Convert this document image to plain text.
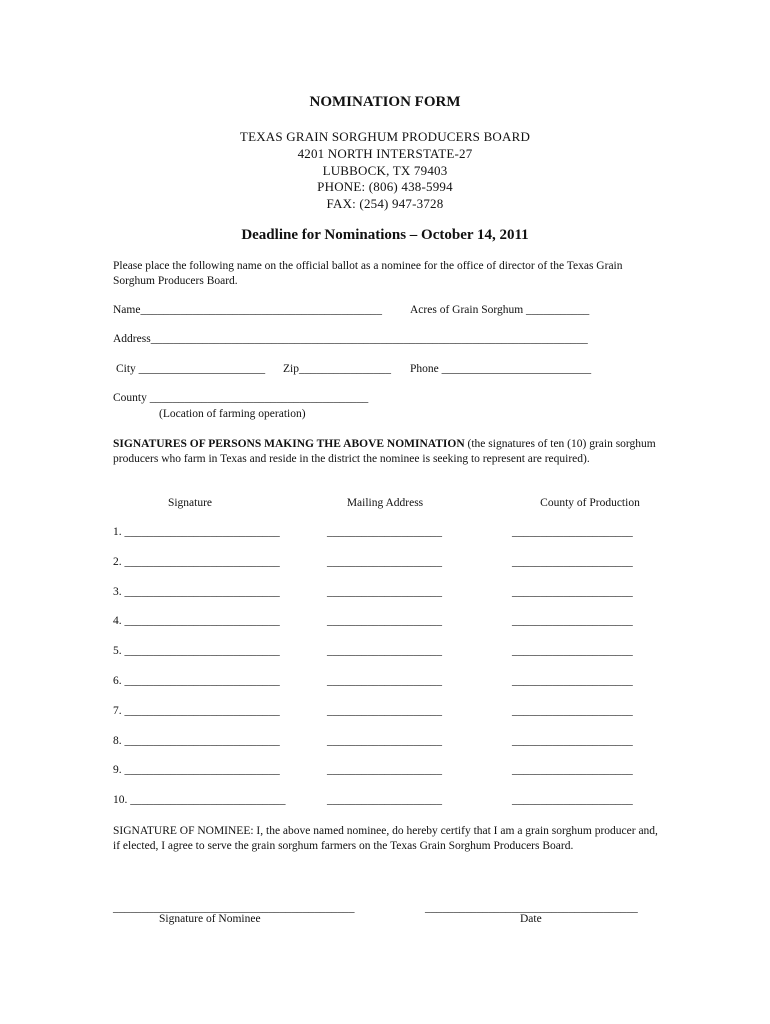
NOMINATION FORM
TEXAS GRAIN SORGHUM PRODUCERS BOARD
4201 NORTH INTERSTATE-27
LUBBOCK, TX 79403
PHONE: (806) 438-5994
FAX: (254) 947-3728
Deadline for Nominations – October 14, 2011
Please place the following name on the official ballot as a nominee for the office of director of the Texas Grain Sorghum Producers Board.
Name__________________________________________ Acres of Grain Sorghum ___________
Address____________________________________________________________________________
City ______________________ Zip________________ Phone __________________________
County ______________________________________
(Location of farming operation)
SIGNATURES OF PERSONS MAKING THE ABOVE NOMINATION (the signatures of ten (10) grain sorghum producers who farm in Texas and reside in the district the nominee is seeking to represent are required).
Signature	Mailing Address	County of Production
1. ___________________________	____________________	_____________________
2. ___________________________	____________________	_____________________
3. ___________________________	____________________	_____________________
4. ___________________________	____________________	_____________________
5. ___________________________	____________________	_____________________
6. ___________________________	____________________	_____________________
7. ___________________________	____________________	_____________________
8. ___________________________	____________________	_____________________
9. ___________________________	____________________	_____________________
10. ___________________________	____________________	_____________________
SIGNATURE OF NOMINEE: I, the above named nominee, do hereby certify that I am a grain sorghum producer and, if elected, I agree to serve the grain sorghum farmers on the Texas Grain Sorghum Producers Board.
__________________________________________
Signature of Nominee
_____________________________________
Date
